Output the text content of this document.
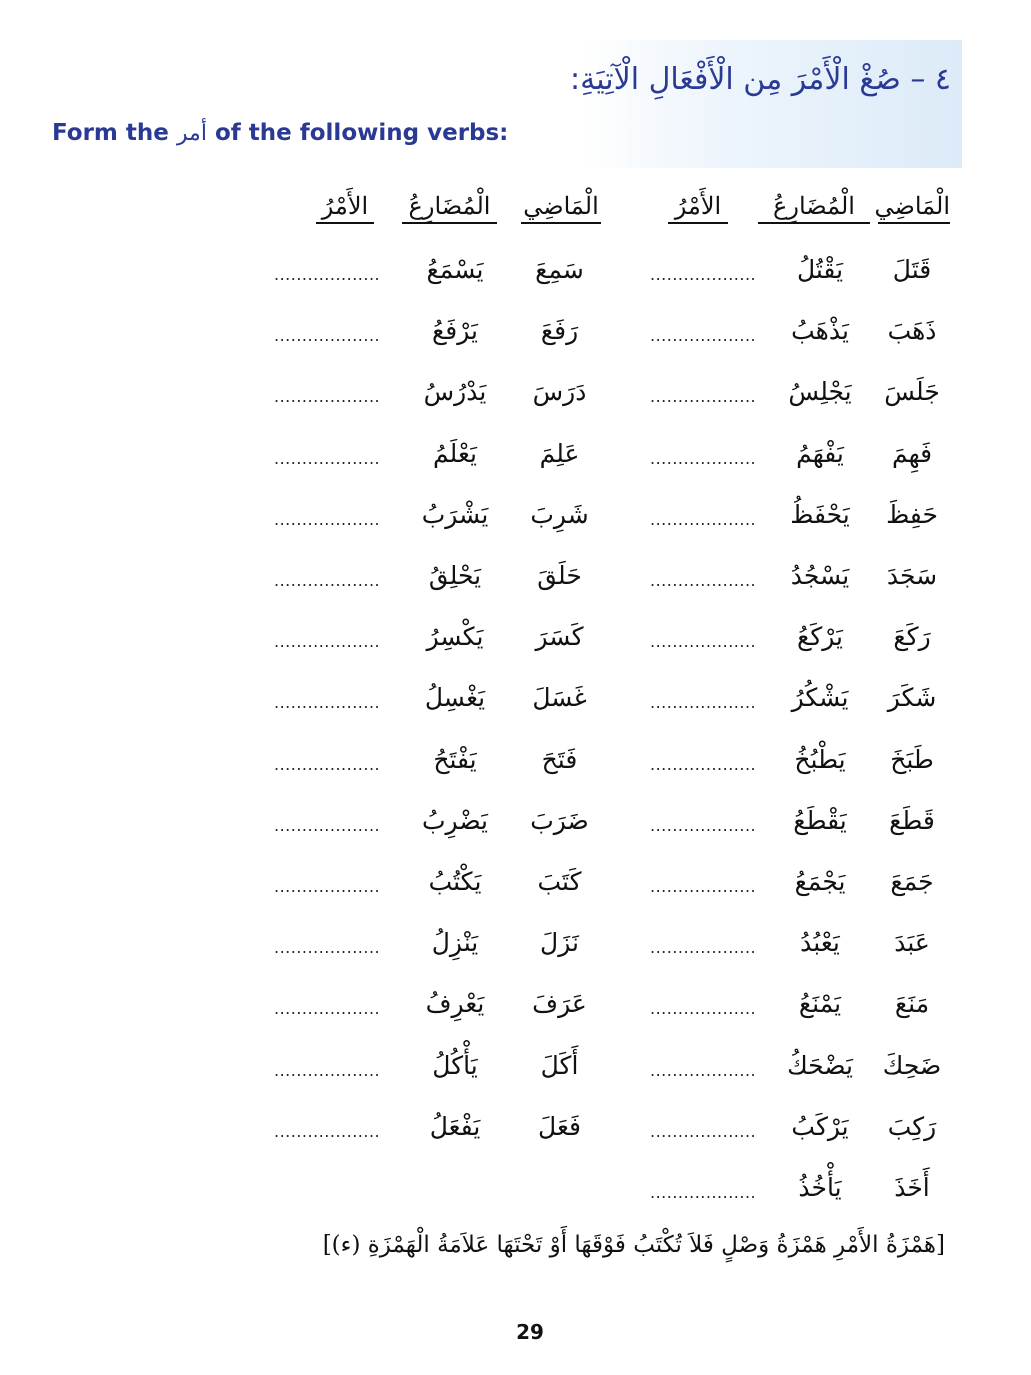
٤ – صُغْ الْأَمْرَ مِن الْأَفْعَالِ الْآتِيَةِ:
Form the أمر of the following verbs:
الْمَاضِي
الْمُضَارِعُ
الأَمْرُ
الْمَاضِي
الْمُضَارِعُ
الأَمْرُ
قَتَلَ
يَقْتُلُ
...................
ذَهَبَ
يَذْهَبُ
...................
جَلَسَ
يَجْلِسُ
...................
فَهِمَ
يَفْهَمُ
...................
حَفِظَ
يَحْفَظُ
...................
سَجَدَ
يَسْجُدُ
...................
رَكَعَ
يَرْكَعُ
...................
شَكَرَ
يَشْكُرُ
...................
طَبَخَ
يَطْبُخُ
...................
قَطَعَ
يَقْطَعُ
...................
جَمَعَ
يَجْمَعُ
...................
عَبَدَ
يَعْبُدُ
...................
مَنَعَ
يَمْنَعُ
...................
ضَحِكَ
يَضْحَكُ
...................
رَكِبَ
يَرْكَبُ
...................
أَخَذَ
يَأْخُذُ
...................
سَمِعَ
يَسْمَعُ
...................
رَفَعَ
يَرْفَعُ
...................
دَرَسَ
يَدْرُسُ
...................
عَلِمَ
يَعْلَمُ
...................
شَرِبَ
يَشْرَبُ
...................
حَلَقَ
يَحْلِقُ
...................
كَسَرَ
يَكْسِرُ
...................
غَسَلَ
يَغْسِلُ
...................
فَتَحَ
يَفْتَحُ
...................
ضَرَبَ
يَضْرِبُ
...................
كَتَبَ
يَكْتُبُ
...................
نَزَلَ
يَنْزِلُ
...................
عَرَفَ
يَعْرِفُ
...................
أَكَلَ
يَأْكُلُ
...................
فَعَلَ
يَفْعَلُ
...................
[هَمْزَةُ الأَمْرِ هَمْزَةُ وَصْلٍ فَلاَ تُكْتَبُ فَوْقَهَا أَوْ تَحْتَهَا عَلاَمَةُ الْهَمْزَةِ (ء)]
29
